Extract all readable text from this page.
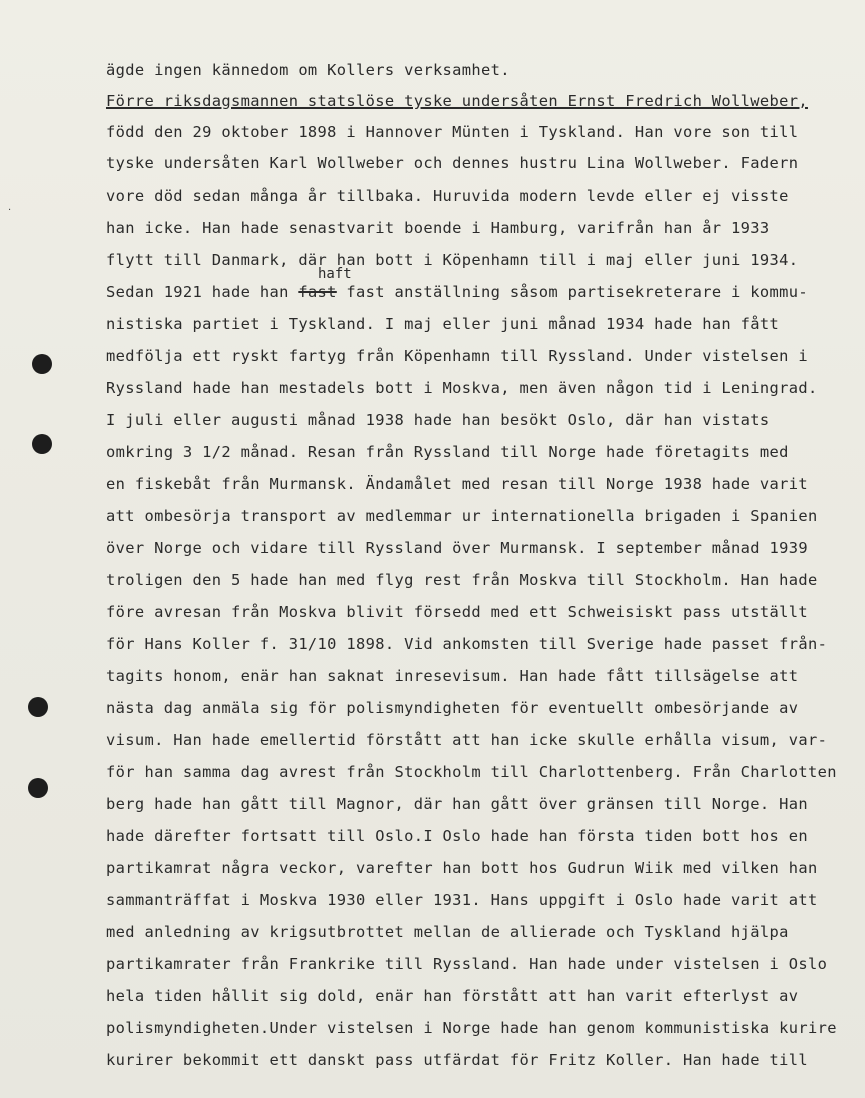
.
haft
ägde ingen kännedom om Kollers verksamhet.
Förre riksdagsmannen statslöse tyske undersåten Ernst Fredrich Wollweber,
född den 29 oktober 1898 i Hannover Münten i Tyskland. Han vore son till
tyske undersåten Karl Wollweber och dennes hustru Lina Wollweber. Fadern
vore död sedan många år tillbaka. Huruvida modern levde eller ej visste
han icke. Han hade senastvarit boende i Hamburg, varifrån han år 1933
flytt till Danmark, där han bott i Köpenhamn till i maj eller juni 1934.
Sedan 1921 hade han fast fast anställning såsom partisekreterare i kommu-
nistiska partiet i Tyskland. I maj eller juni månad 1934 hade han fått
medfölja ett ryskt fartyg från Köpenhamn till Ryssland. Under vistelsen i
Ryssland hade han mestadels bott i Moskva, men även någon tid i Leningrad.
I juli eller augusti månad 1938 hade han besökt Oslo, där han vistats
omkring 3 1/2 månad. Resan från Ryssland till Norge hade företagits med
en fiskebåt från Murmansk. Ändamålet med resan till Norge 1938 hade varit
att ombesörja transport av medlemmar ur internationella brigaden i Spanien
över Norge och vidare till Ryssland över Murmansk. I september månad 1939
troligen den 5 hade han med flyg rest från Moskva till Stockholm. Han hade
före avresan från Moskva blivit försedd med ett Schweisiskt pass utställt
för Hans Koller f. 31/10 1898. Vid ankomsten till Sverige hade passet från-
tagits honom, enär han saknat inresevisum. Han hade fått tillsägelse att
nästa dag anmäla sig för polismyndigheten för eventuellt ombesörjande av
visum. Han hade emellertid förstått att han icke skulle erhålla visum, var-
för han samma dag avrest från Stockholm till Charlottenberg. Från Charlotten
berg hade han gått till Magnor, där han gått över gränsen till Norge. Han
hade därefter fortsatt till Oslo.I Oslo hade han första tiden bott hos en
partikamrat några veckor, varefter han bott hos Gudrun Wiik med vilken han
sammanträffat i Moskva 1930 eller 1931. Hans uppgift i Oslo hade varit att
med anledning av krigsutbrottet mellan de allierade och Tyskland hjälpa
partikamrater från Frankrike till Ryssland. Han hade under vistelsen i Oslo
hela tiden hållit sig dold, enär han förstått att han varit efterlyst av
polismyndigheten.Under vistelsen i Norge hade han genom kommunistiska kurire
kurirer bekommit ett danskt pass utfärdat för Fritz Koller. Han hade till
